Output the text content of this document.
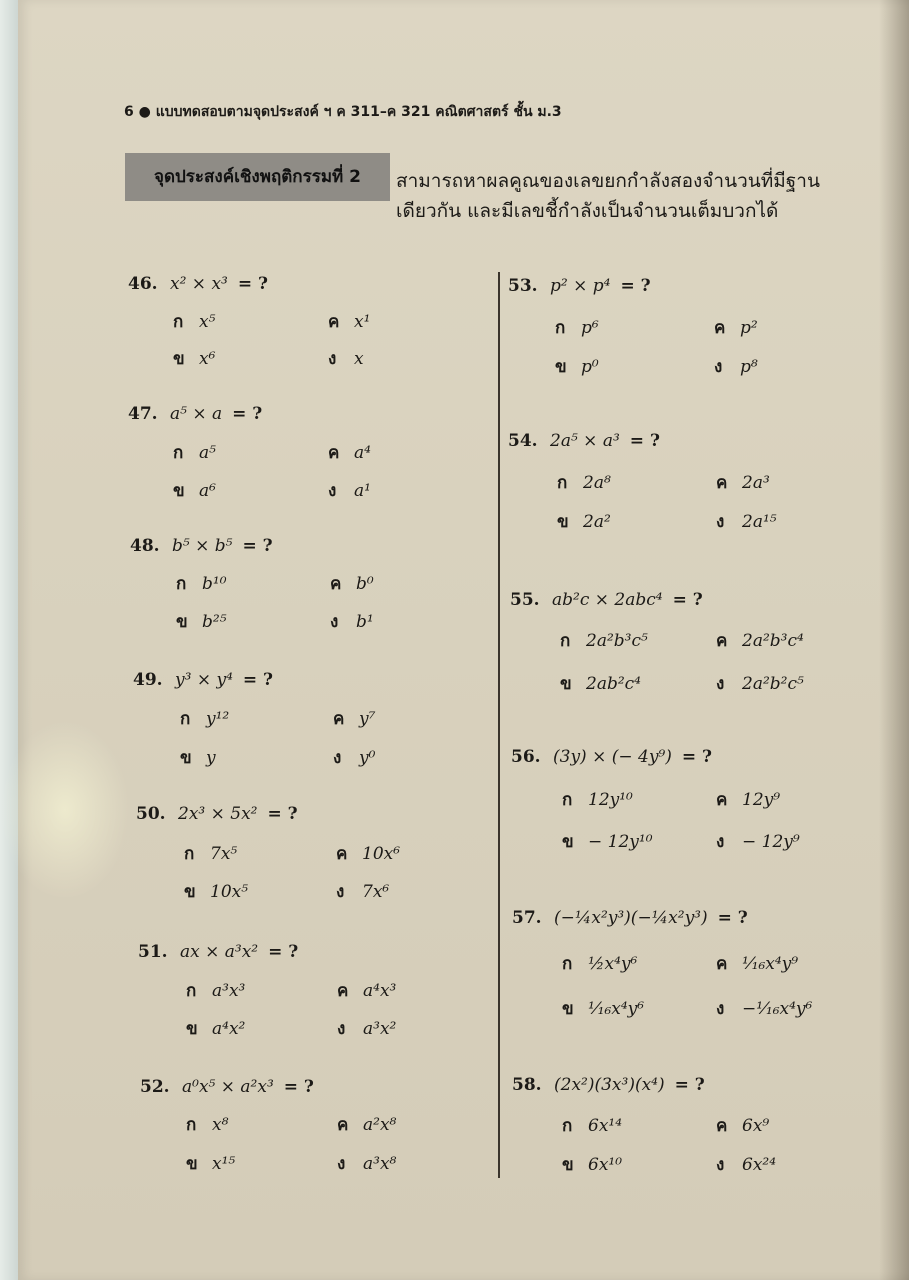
6 ● แบบทดสอบตามจุดประสงค์ ฯ ค 311–ค 321 คณิตศาสตร์ ชั้น ม.3
จุดประสงค์เชิงพฤติกรรมที่ 2	สามารถหาผลคูณของเลขยกกำลังสองจำนวนที่มีฐาน
เดียวกัน และมีเลขชี้กำลังเป็นจำนวนเต็มบวกได้
46. x² × x³ = ?
ก x⁵
ข x⁶
ค x¹
ง x
47. a⁵ × a = ?
ก a⁵
ข a⁶
ค a⁴
ง a¹
48. b⁵ × b⁵ = ?
ก b¹⁰
ข b²⁵
ค b⁰
ง b¹
49. y³ × y⁴ = ?
ก y¹²
ข y
ค y⁷
ง y⁰
50. 2x³ × 5x² = ?
ก 7x⁵
ข 10x⁵
ค 10x⁶
ง 7x⁶
51. ax × a³x² = ?
ก a³x³
ข a⁴x²
ค a⁴x³
ง a³x²
52. a⁰x⁵ × a²x³ = ?
ก x⁸
ข x¹⁵
ค a²x⁸
ง a³x⁸
53. p² × p⁴ = ?
ก p⁶
ข p⁰
ค p²
ง p⁸
54. 2a⁵ × a³ = ?
ก 2a⁸
ข 2a²
ค 2a³
ง 2a¹⁵
55. ab²c × 2abc⁴ = ?
ก 2a²b³c⁵
ข 2ab²c⁴
ค 2a²b³c⁴
ง 2a²b²c⁵
56. (3y) × (− 4y⁹) = ?
ก 12y¹⁰
ข − 12y¹⁰
ค 12y⁹
ง − 12y⁹
57. (−¼x²y³)(−¼x²y³) = ?
ก ½x⁴y⁶
ข ¹⁄₁₆x⁴y⁶
ค ¹⁄₁₆x⁴y⁹
ง −¹⁄₁₆x⁴y⁶
58. (2x²)(3x³)(x⁴) = ?
ก 6x¹⁴
ข 6x¹⁰
ค 6x⁹
ง 6x²⁴
